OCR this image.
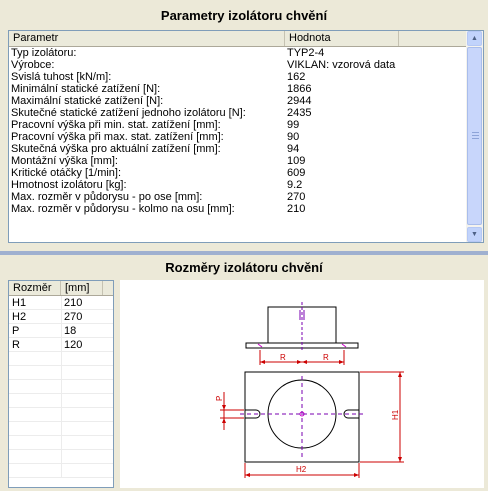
Parametry izolátoru chvění
Parametr	Hodnota
Typ izolátoru:	TYP2-4
Výrobce:	VIKLAN: vzorová data
Svislá tuhost [kN/m]:	162
Minimální statické zatížení [N]:	1866
Maximální statické zatížení [N]:	2944
Skutečné statické zatížení jednoho izolátoru [N]:	2435
Pracovní výška při min. stat. zatížení [mm]:	99
Pracovní výška při max. stat. zatížení [mm]:	90
Skutečná výška pro aktuální zatížení [mm]:	94
Montážní výška [mm]:	109
Kritické otáčky [1/min]:	609
Hmotnost izolátoru [kg]:	9.2
Max. rozměr v půdorysu - po ose [mm]:	270
Max. rozměr v půdorysu - kolmo na osu [mm]:	210
▲
▼
Rozměry izolátoru chvění
Rozměr	[mm]
H1	210
H2	270
P	18
R	120
R	R
P
H1
H2
